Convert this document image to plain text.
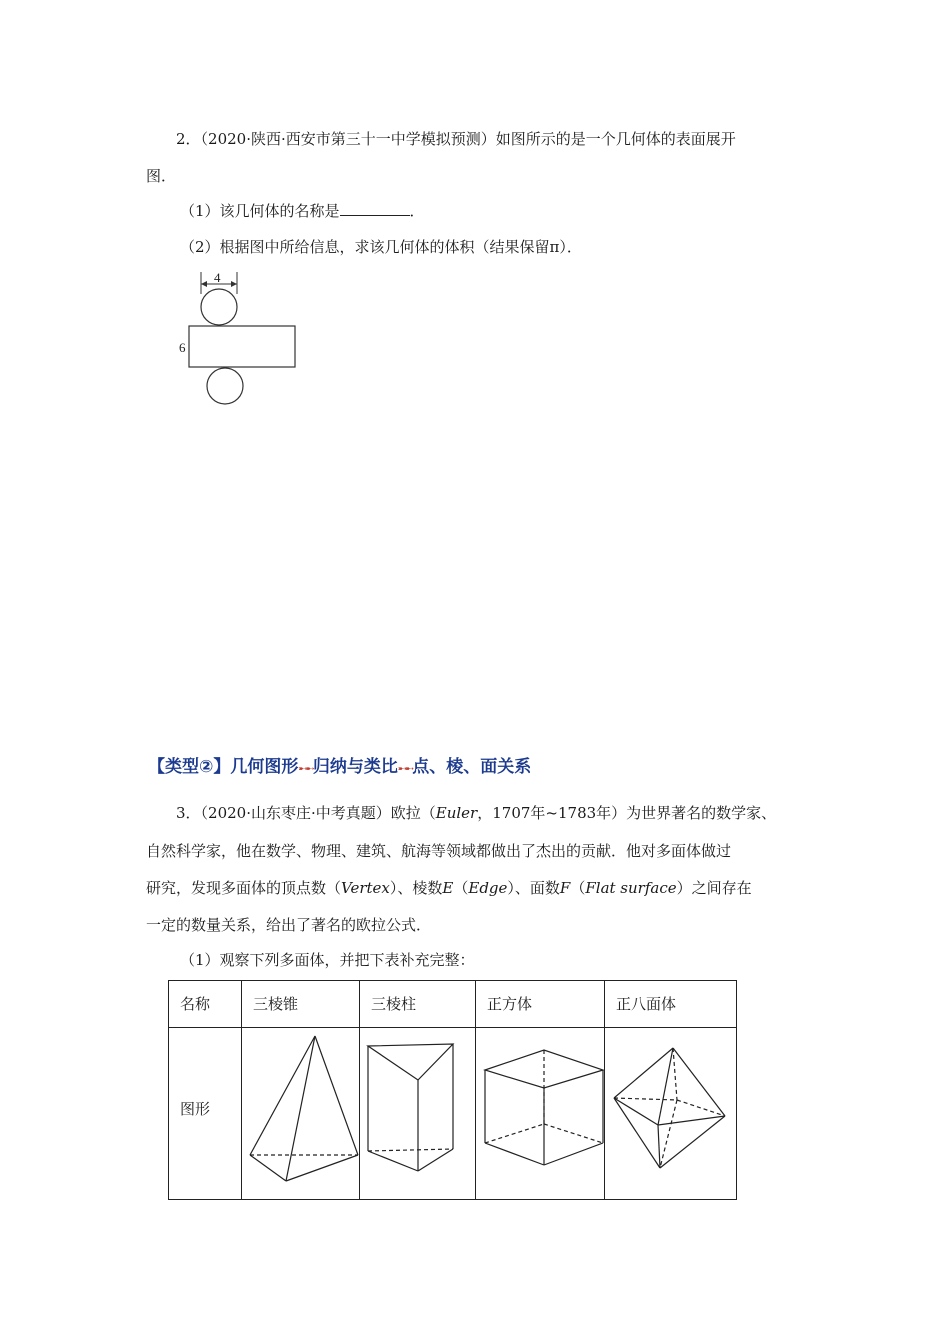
2．（2020·陕西·西安市第三十一中学模拟预测）如图所示的是一个几何体的表面展开
图．
（1）该几何体的名称是	．
（2）根据图中所给信息，求该几何体的体积（结果保留π）．
4
6
【类型②】几何图形➸➸归纳与类比➸➸点、棱、面关系
3．（2020·山东枣庄·中考真题）欧拉（Euler，1707年~1783年）为世界著名的数学家、
自然科学家，他在数学、物理、建筑、航海等领域都做出了杰出的贡献．他对多面体做过
研究，发现多面体的顶点数（Vertex）、棱数E（Edge）、面数F（Flat surface）之间存在
一定的数量关系，给出了著名的欧拉公式．
（1）观察下列多面体，并把下表补充完整：
名称	三棱锥	三棱柱	正方体	正八面体

图形
